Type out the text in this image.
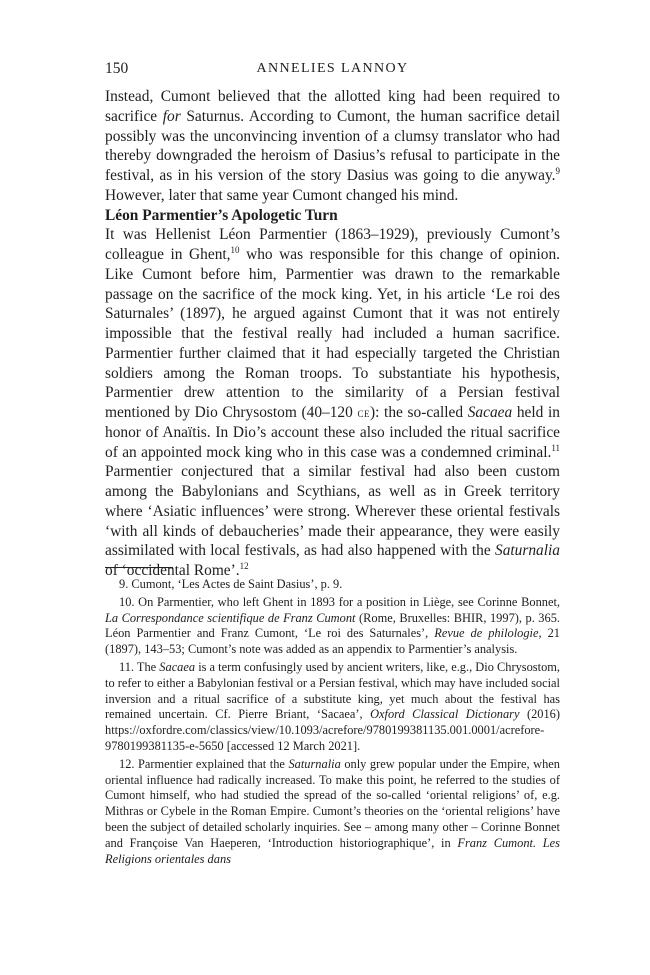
150	ANNELIES LANNOY

Instead, Cumont believed that the allotted king had been required to sacrifice for Saturnus. According to Cumont, the human sacrifice detail possibly was the unconvincing invention of a clumsy translator who had thereby downgraded the heroism of Dasius’s refusal to participate in the festival, as in his version of the story Dasius was going to die anyway.$^9$ However, later that same year Cumont changed his mind.

Léon Parmentier’s Apologetic Turn

It was Hellenist Léon Parmentier (1863–1929), previously Cumont’s colleague in Ghent,$^{10}$ who was responsible for this change of opinion. Like Cumont before him, Parmentier was drawn to the remarkable passage on the sacrifice of the mock king. Yet, in his article ‘Le roi des Saturnales’ (1897), he argued against Cumont that it was not entirely impossible that the festival really had included a human sacrifice. Parmentier further claimed that it had especially targeted the Christian soldiers among the Roman troops. To substantiate his hypothesis, Parmentier drew attention to the similarity of a Persian festival mentioned by Dio Chrysostom (40–120 ce): the so-called Sacaea held in honor of Anaïtis. In Dio’s account these also included the ritual sacrifice of an appointed mock king who in this case was a condemned criminal.$^{11}$ Parmentier conjectured that a similar festival had also been custom among the Babylonians and Scythians, as well as in Greek territory where ‘Asiatic influences’ were strong. Wherever these oriental festivals ‘with all kinds of debaucheries’ made their appearance, they were easily assimilated with local festivals, as had also happened with the Saturnalia of ‘occidental Rome’.$^{12}$

9. Cumont, ‘Les Actes de Saint Dasius’, p. 9.

10. On Parmentier, who left Ghent in 1893 for a position in Liège, see Corinne Bonnet, La Correspondance scientifique de Franz Cumont (Rome, Bruxelles: BHIR, 1997), p. 365. Léon Parmentier and Franz Cumont, ‘Le roi des Saturnales’, Revue de philologie, 21 (1897), 143–53; Cumont’s note was added as an appendix to Parmentier’s analysis.

11. The Sacaea is a term confusingly used by ancient writers, like, e.g., Dio Chrysostom, to refer to either a Babylonian festival or a Persian festival, which may have included social inversion and a ritual sacrifice of a substitute king, yet much about the festival has remained uncertain. Cf. Pierre Briant, ‘Sacaea’, Oxford Classical Dictionary (2016) https://oxfordre.com/classics/view/10.1093/acrefore/9780199381135.001.0001/acrefore-9780199381135-e-5650 [accessed 12 March 2021].

12. Parmentier explained that the Saturnalia only grew popular under the Empire, when oriental influence had radically increased. To make this point, he referred to the studies of Cumont himself, who had studied the spread of the so-called ‘oriental religions’ of, e.g. Mithras or Cybele in the Roman Empire. Cumont’s theories on the ‘oriental religions’ have been the subject of detailed scholarly inquiries. See – among many other – Corinne Bonnet and Françoise Van Haeperen, ‘Introduction historiographique’, in Franz Cumont. Les Religions orientales dans
